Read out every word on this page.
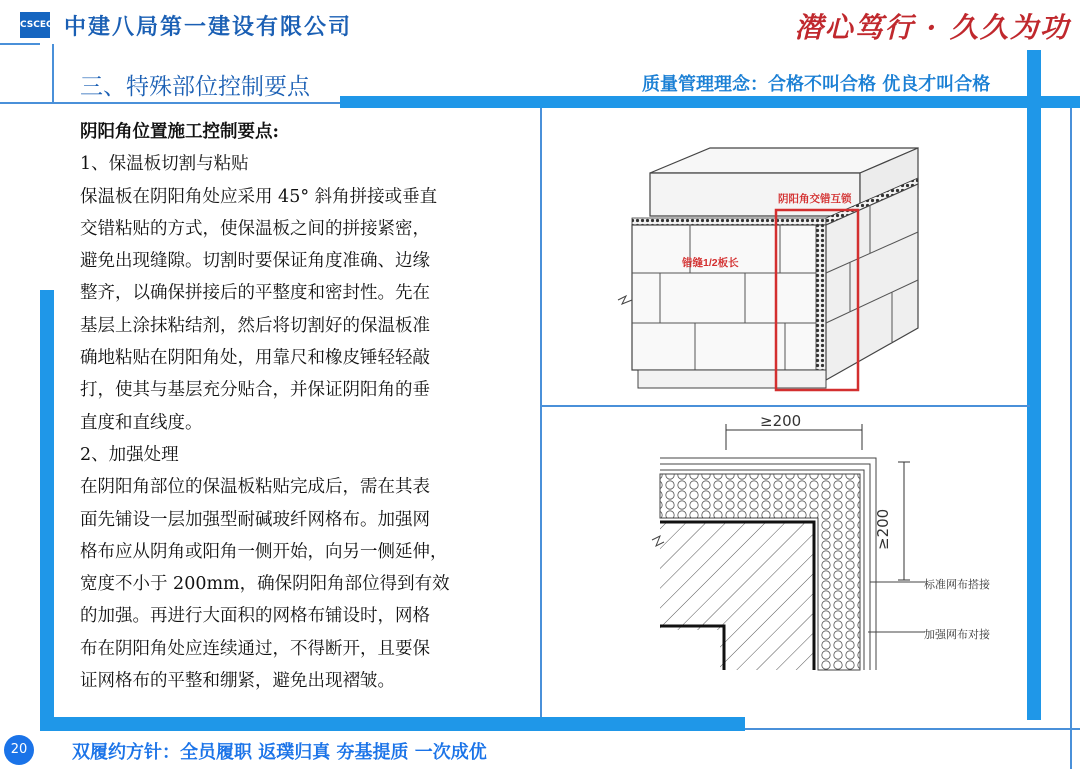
CSCEC 中建八局第一建设有限公司	潜心笃行 · 久久为功
三、特殊部位控制要点	质量管理理念：合格不叫合格 优良才叫合格

阴阳角位置施工控制要点:

1、保温板切割与粘贴

保温板在阴阳角处应采用 45° 斜角拼接或垂直

交错粘贴的方式，使保温板之间的拼接紧密，

避免出现缝隙。切割时要保证角度准确、边缘

整齐，以确保拼接后的平整度和密封性。先在

基层上涂抹粘结剂，然后将切割好的保温板准

确地粘贴在阴阳角处，用靠尺和橡皮锤轻轻敲

打，使其与基层充分贴合，并保证阴阳角的垂

直度和直线度。

2、加强处理

在阴阳角部位的保温板粘贴完成后，需在其表

面先铺设一层加强型耐碱玻纤网格布。加强网

格布应从阴角或阳角一侧开始，向另一侧延伸，

宽度不小于 200mm，确保阴阳角部位得到有效

的加强。再进行大面积的网格布铺设时，网格

布在阴阳角处应连续通过，不得断开，且要保

证网格布的平整和绷紧，避免出现褶皱。

阴阳角交错互锁
错缝1/2板长
≥200
≥200
标准网布搭接
加强网布对接
20	双履约方针：全员履职 返璞归真 夯基提质 一次成优
